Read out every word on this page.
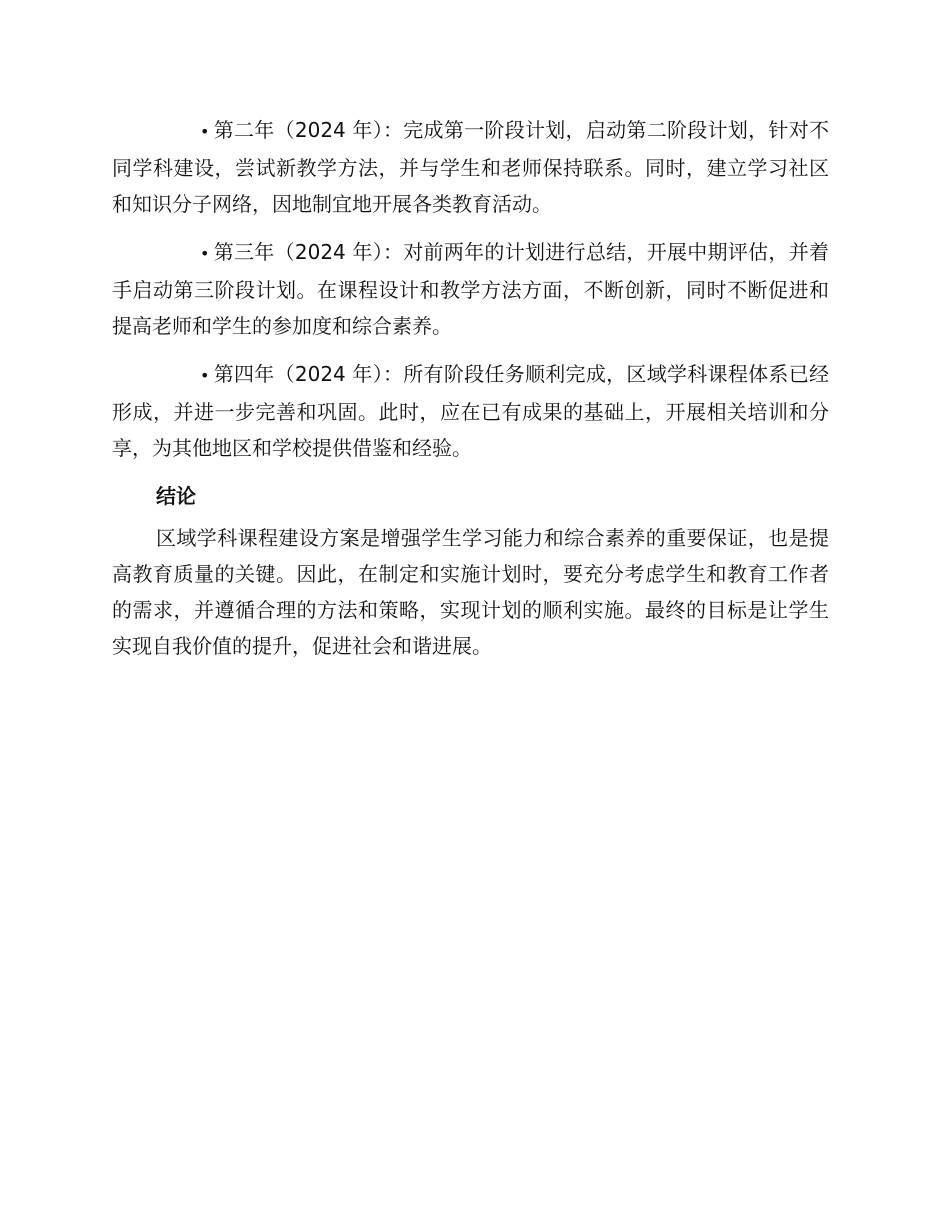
• 第二年（2024 年）：完成第一阶段计划，启动第二阶段计划，针对不同学科建设，尝试新教学方法，并与学生和老师保持联系。同时，建立学习社区和知识分子网络，因地制宜地开展各类教育活动。

• 第三年（2024 年）：对前两年的计划进行总结，开展中期评估，并着手启动第三阶段计划。在课程设计和教学方法方面，不断创新，同时不断促进和提高老师和学生的参加度和综合素养。

• 第四年（2024 年）：所有阶段任务顺利完成，区域学科课程体系已经形成，并进一步完善和巩固。此时，应在已有成果的基础上，开展相关培训和分享，为其他地区和学校提供借鉴和经验。

结论

区域学科课程建设方案是增强学生学习能力和综合素养的重要保证，也是提高教育质量的关键。因此，在制定和实施计划时，要充分考虑学生和教育工作者的需求，并遵循合理的方法和策略，实现计划的顺利实施。最终的目标是让学生实现自我价值的提升，促进社会和谐进展。
